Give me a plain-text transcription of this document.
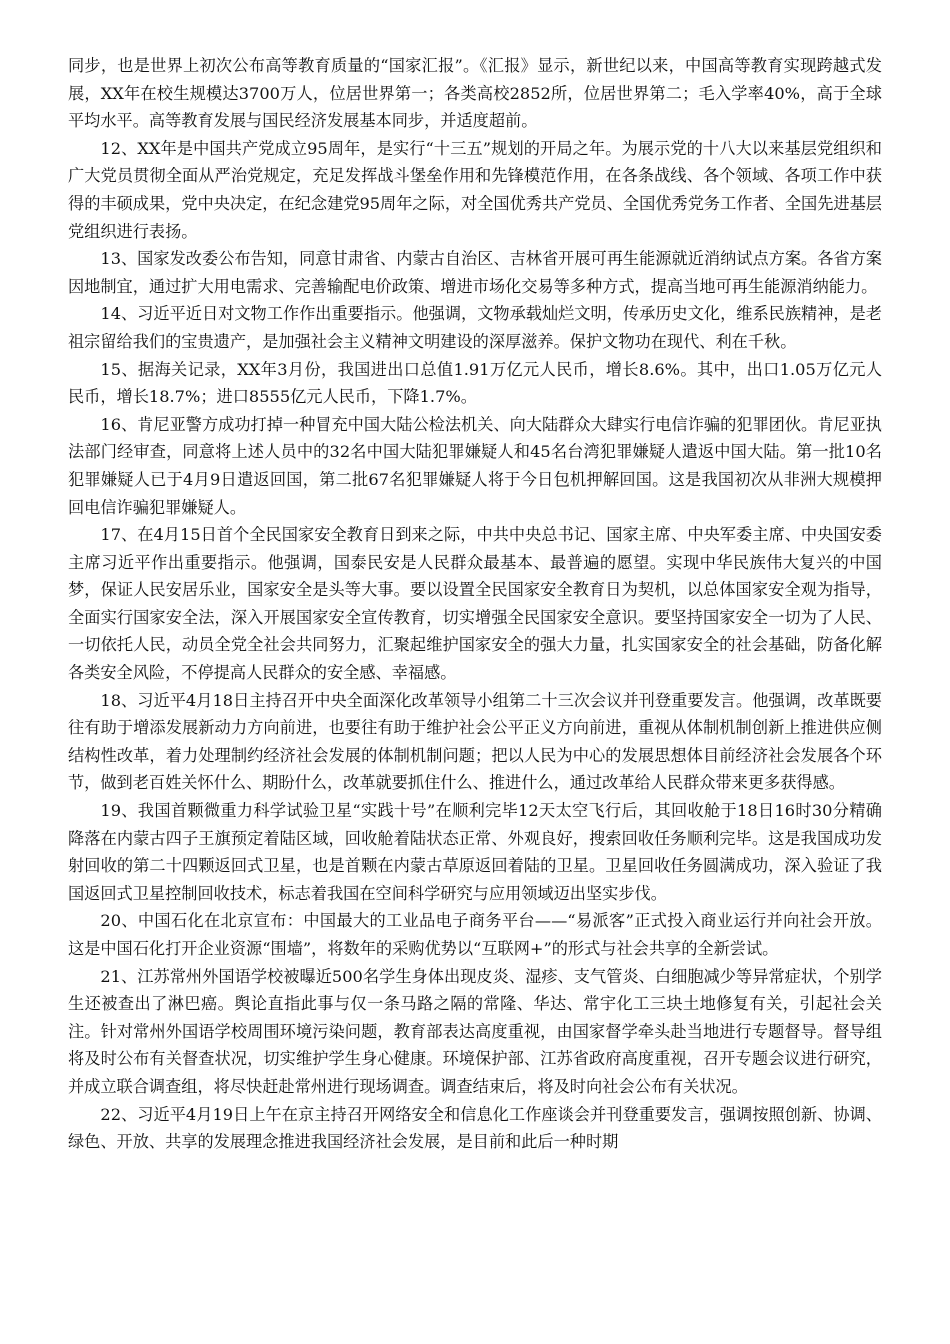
同步，也是世界上初次公布高等教育质量的“国家汇报”。《汇报》显示，新世纪以来，中国高等教育实现跨越式发展，XX年在校生规模达3700万人，位居世界第一；各类高校2852所，位居世界第二；毛入学率40%，高于全球平均水平。高等教育发展与国民经济发展基本同步，并适度超前。

12、XX年是中国共产党成立95周年，是实行“十三五”规划的开局之年。为展示党的十八大以来基层党组织和广大党员贯彻全面从严治党规定，充足发挥战斗堡垒作用和先锋模范作用，在各条战线、各个领域、各项工作中获得的丰硕成果，党中央决定，在纪念建党95周年之际，对全国优秀共产党员、全国优秀党务工作者、全国先进基层党组织进行表扬。

13、国家发改委公布告知，同意甘肃省、内蒙古自治区、吉林省开展可再生能源就近消纳试点方案。各省方案因地制宜，通过扩大用电需求、完善输配电价政策、增进市场化交易等多种方式，提高当地可再生能源消纳能力。

14、习近平近日对文物工作作出重要指示。他强调，文物承载灿烂文明，传承历史文化，维系民族精神，是老祖宗留给我们的宝贵遗产，是加强社会主义精神文明建设的深厚滋养。保护文物功在现代、利在千秋。

15、据海关记录，XX年3月份，我国进出口总值1.91万亿元人民币，增长8.6%。其中，出口1.05万亿元人民币，增长18.7%；进口8555亿元人民币，下降1.7%。

16、肯尼亚警方成功打掉一种冒充中国大陆公检法机关、向大陆群众大肆实行电信诈骗的犯罪团伙。肯尼亚执法部门经审查，同意将上述人员中的32名中国大陆犯罪嫌疑人和45名台湾犯罪嫌疑人遣返中国大陆。第一批10名犯罪嫌疑人已于4月9日遣返回国，第二批67名犯罪嫌疑人将于今日包机押解回国。这是我国初次从非洲大规模押回电信诈骗犯罪嫌疑人。

17、在4月15日首个全民国家安全教育日到来之际，中共中央总书记、国家主席、中央军委主席、中央国安委主席习近平作出重要指示。他强调，国泰民安是人民群众最基本、最普遍的愿望。实现中华民族伟大复兴的中国梦，保证人民安居乐业，国家安全是头等大事。要以设置全民国家安全教育日为契机，以总体国家安全观为指导，全面实行国家安全法，深入开展国家安全宣传教育，切实增强全民国家安全意识。要坚持国家安全一切为了人民、一切依托人民，动员全党全社会共同努力，汇聚起维护国家安全的强大力量，扎实国家安全的社会基础，防备化解各类安全风险，不停提高人民群众的安全感、幸福感。

18、习近平4月18日主持召开中央全面深化改革领导小组第二十三次会议并刊登重要发言。他强调，改革既要往有助于增添发展新动力方向前进，也要往有助于维护社会公平正义方向前进，重视从体制机制创新上推进供应侧结构性改革，着力处理制约经济社会发展的体制机制问题；把以人民为中心的发展思想体目前经济社会发展各个环节，做到老百姓关怀什么、期盼什么，改革就要抓住什么、推进什么，通过改革给人民群众带来更多获得感。

19、我国首颗微重力科学试验卫星“实践十号”在顺利完毕12天太空飞行后，其回收舱于18日16时30分精确降落在内蒙古四子王旗预定着陆区域，回收舱着陆状态正常、外观良好，搜索回收任务顺利完毕。这是我国成功发射回收的第二十四颗返回式卫星，也是首颗在内蒙古草原返回着陆的卫星。卫星回收任务圆满成功，深入验证了我国返回式卫星控制回收技术，标志着我国在空间科学研究与应用领域迈出坚实步伐。

20、中国石化在北京宣布：中国最大的工业品电子商务平台——“易派客”正式投入商业运行并向社会开放。这是中国石化打开企业资源“围墙”，将数年的采购优势以“互联网+”的形式与社会共享的全新尝试。

21、江苏常州外国语学校被曝近500名学生身体出现皮炎、湿疹、支气管炎、白细胞减少等异常症状，个别学生还被查出了淋巴癌。舆论直指此事与仅一条马路之隔的常隆、华达、常宇化工三块土地修复有关，引起社会关注。针对常州外国语学校周围环境污染问题，教育部表达高度重视，由国家督学牵头赴当地进行专题督导。督导组将及时公布有关督查状况，切实维护学生身心健康。环境保护部、江苏省政府高度重视，召开专题会议进行研究，并成立联合调查组，将尽快赶赴常州进行现场调查。调查结束后，将及时向社会公布有关状况。

22、习近平4月19日上午在京主持召开网络安全和信息化工作座谈会并刊登重要发言，强调按照创新、协调、绿色、开放、共享的发展理念推进我国经济社会发展，是目前和此后一种时期
